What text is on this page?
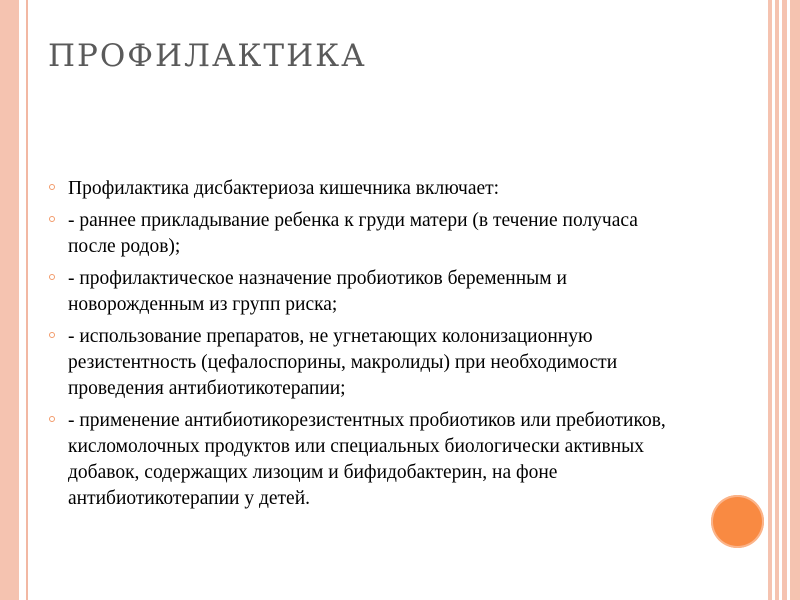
ПРОФИЛАКТИКА
Профилактика дисбактериоза кишечника включает:
- раннее прикладывание ребенка к груди матери (в течение получаса после родов);
- профилактическое назначение пробиотиков беременным и новорожденным из групп риска;
- использование препаратов, не угнетающих колонизационную резистентность (цефалоспорины, макролиды) при необходимости проведения антибиотикотерапии;
- применение антибиотикорезистентных пробиотиков или пребиотиков, кисломолочных продуктов или специальных биологически активных добавок, содержащих лизоцим и бифидобактерин, на фоне антибиотикотерапии у детей.
